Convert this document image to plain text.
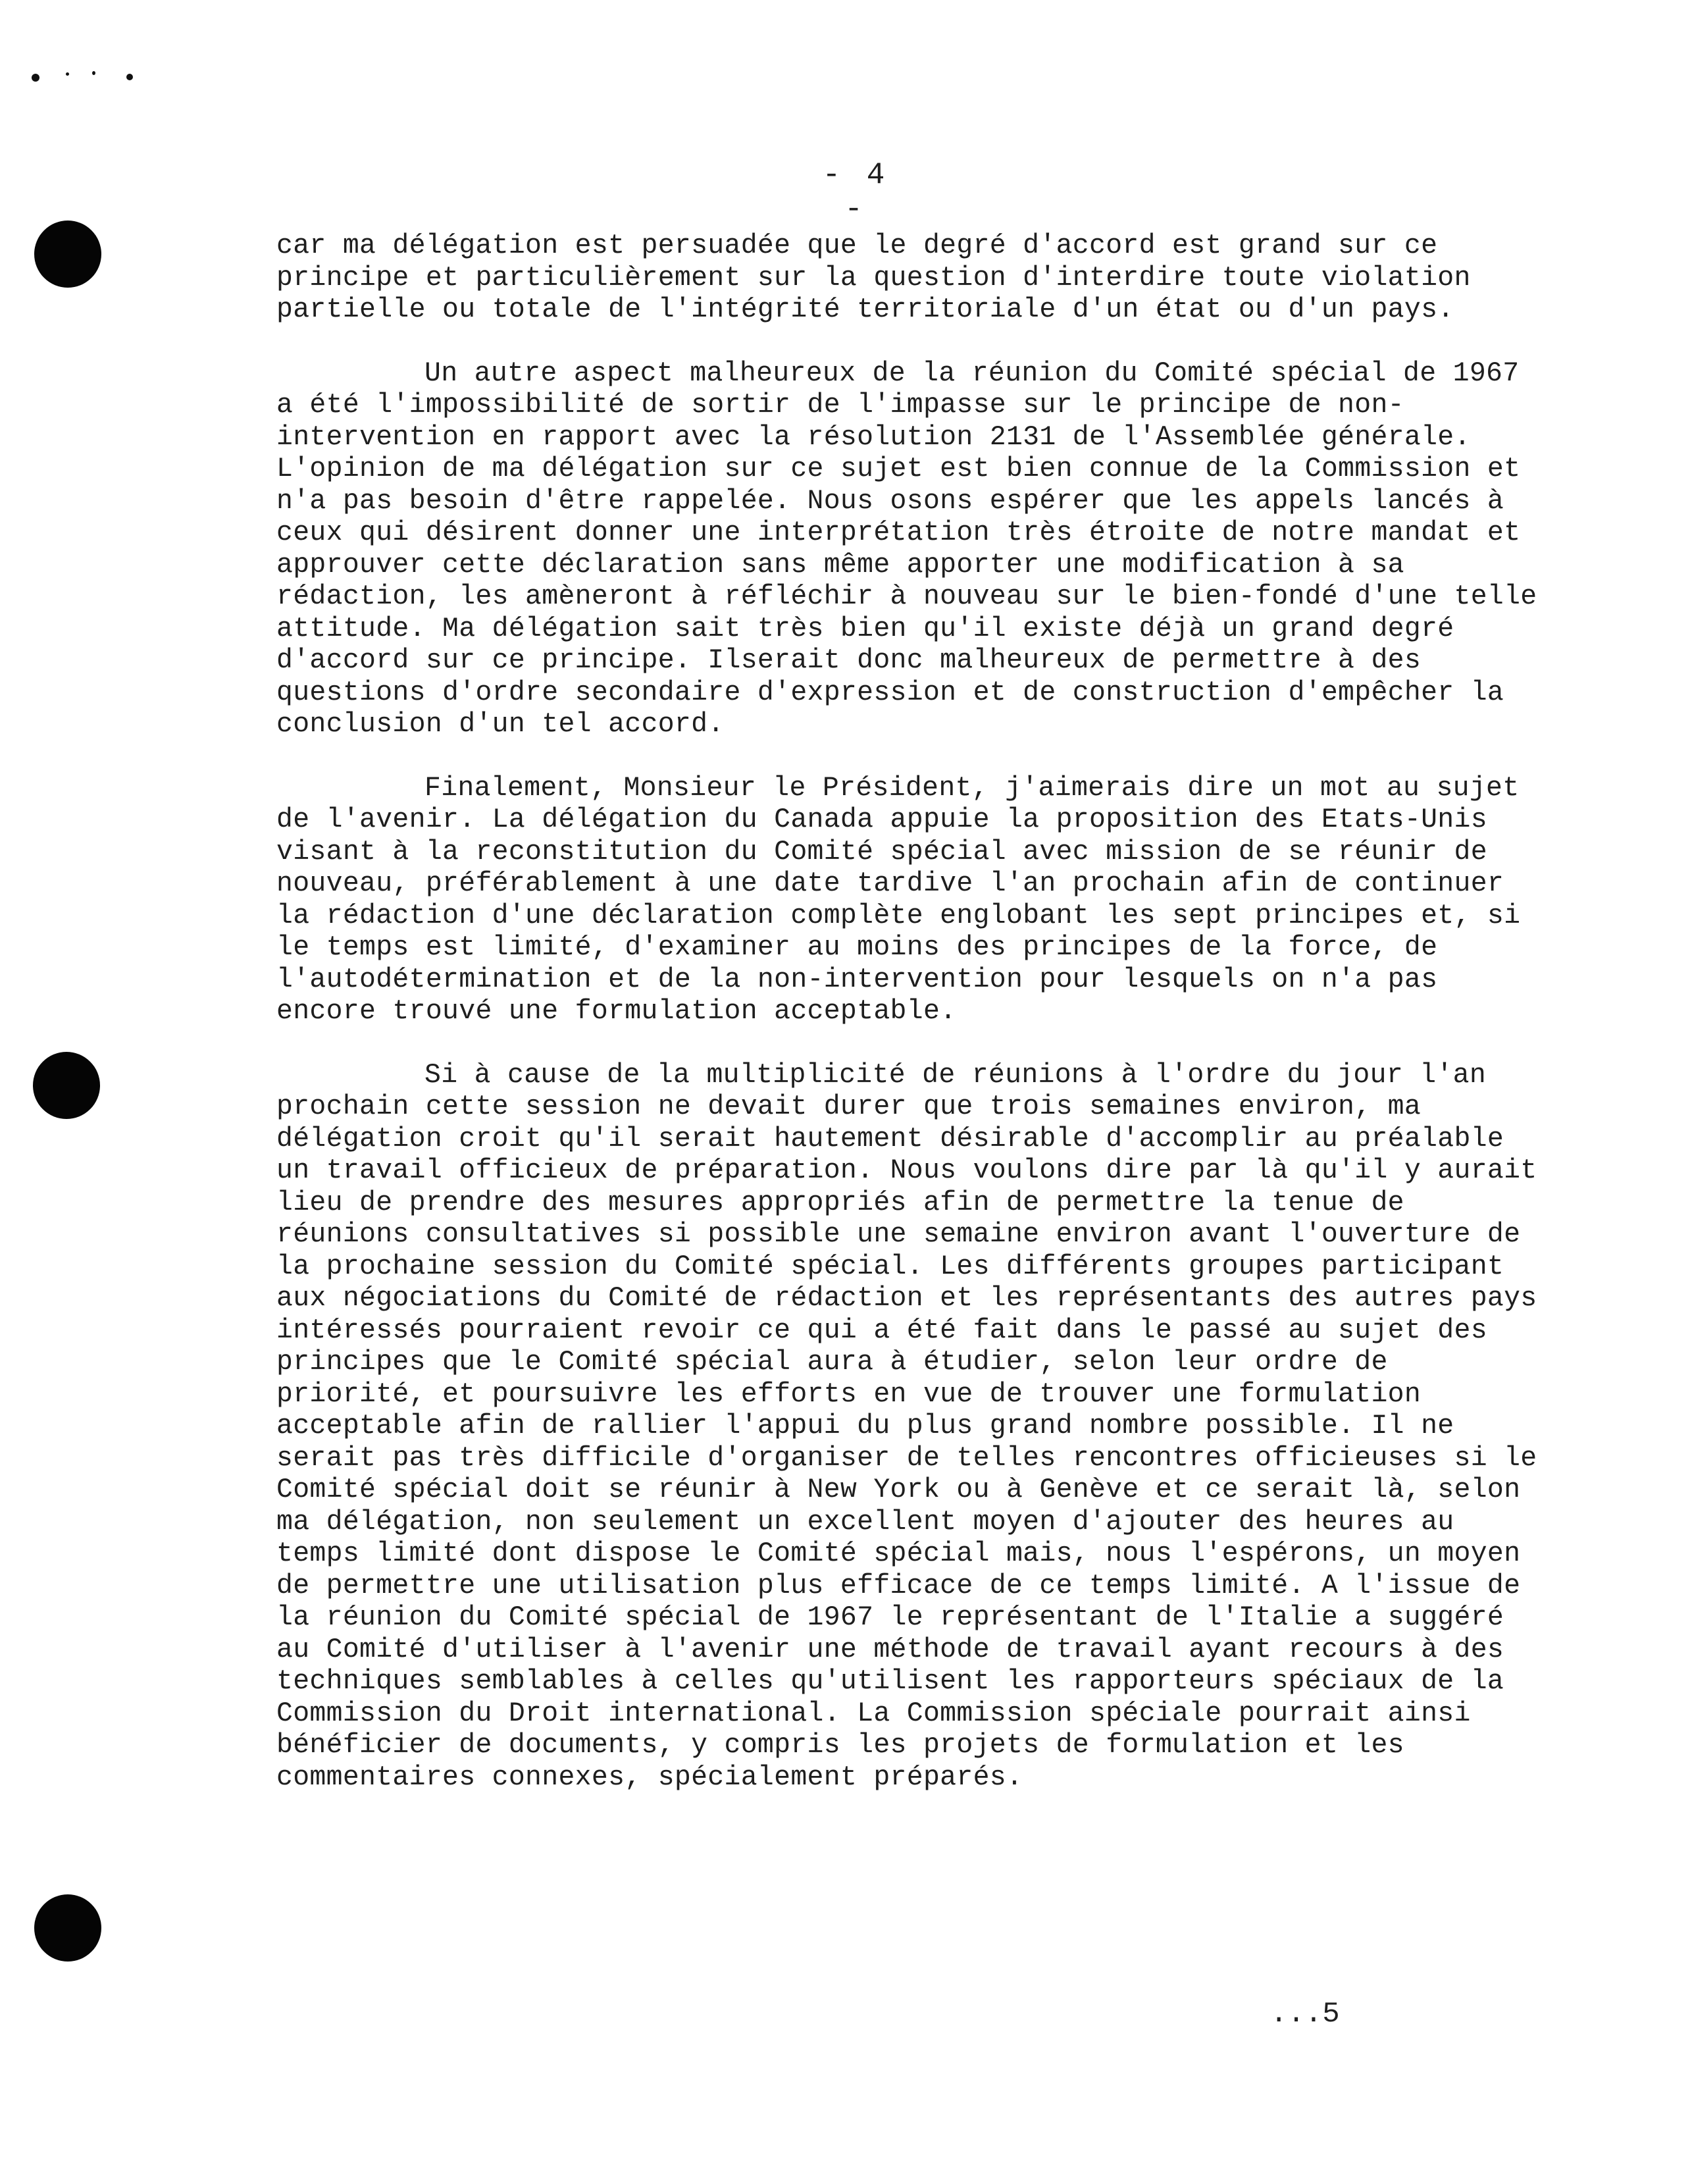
- 4 -

car ma délégation est persuadée que le degré d'accord est grand sur ce principe et particulièrement sur la question d'interdire toute violation partielle ou totale de l'intégrité territoriale d'un état ou d'un pays.

Un autre aspect malheureux de la réunion du Comité spécial de 1967 a été l'impossibilité de sortir de l'impasse sur le principe de non-intervention en rapport avec la résolution 2131 de l'Assemblée générale. L'opinion de ma délégation sur ce sujet est bien connue de la Commission et n'a pas besoin d'être rappelée. Nous osons espérer que les appels lancés à ceux qui désirent donner une interprétation très étroite de notre mandat et approuver cette déclaration sans même apporter une modification à sa rédaction, les amèneront à réfléchir à nouveau sur le bien-fondé d'une telle attitude. Ma délégation sait très bien qu'il existe déjà un grand degré d'accord sur ce principe. Ilserait donc malheureux de permettre à des questions d'ordre secondaire d'expression et de construction d'empêcher la conclusion d'un tel accord.

Finalement, Monsieur le Président, j'aimerais dire un mot au sujet de l'avenir. La délégation du Canada appuie la proposition des Etats-Unis visant à la reconstitution du Comité spécial avec mission de se réunir de nouveau, préférablement à une date tardive l'an prochain afin de continuer la rédaction d'une déclaration complète englobant les sept principes et, si le temps est limité, d'examiner au moins des principes de la force, de l'autodétermination et de la non-intervention pour lesquels on n'a pas encore trouvé une formulation acceptable.

Si à cause de la multiplicité de réunions à l'ordre du jour l'an prochain cette session ne devait durer que trois semaines environ, ma délégation croit qu'il serait hautement désirable d'accomplir au préalable un travail officieux de préparation. Nous voulons dire par là qu'il y aurait lieu de prendre des mesures appropriés afin de permettre la tenue de réunions consultatives si possible une semaine environ avant l'ouverture de la prochaine session du Comité spécial. Les différents groupes participant aux négociations du Comité de rédaction et les représentants des autres pays intéressés pourraient revoir ce qui a été fait dans le passé au sujet des principes que le Comité spécial aura à étudier, selon leur ordre de priorité, et poursuivre les efforts en vue de trouver une formulation acceptable afin de rallier l'appui du plus grand nombre possible. Il ne serait pas très difficile d'organiser de telles rencontres officieuses si le Comité spécial doit se réunir à New York ou à Genève et ce serait là, selon ma délégation, non seulement un excellent moyen d'ajouter des heures au temps limité dont dispose le Comité spécial mais, nous l'espérons, un moyen de permettre une utilisation plus efficace de ce temps limité. A l'issue de la réunion du Comité spécial de 1967 le représentant de l'Italie a suggéré au Comité d'utiliser à l'avenir une méthode de travail ayant recours à des techniques semblables à celles qu'utilisent les rapporteurs spéciaux de la Commission du Droit international. La Commission spéciale pourrait ainsi bénéficier de documents, y compris les projets de formulation et les commentaires connexes, spécialement préparés.

...5
